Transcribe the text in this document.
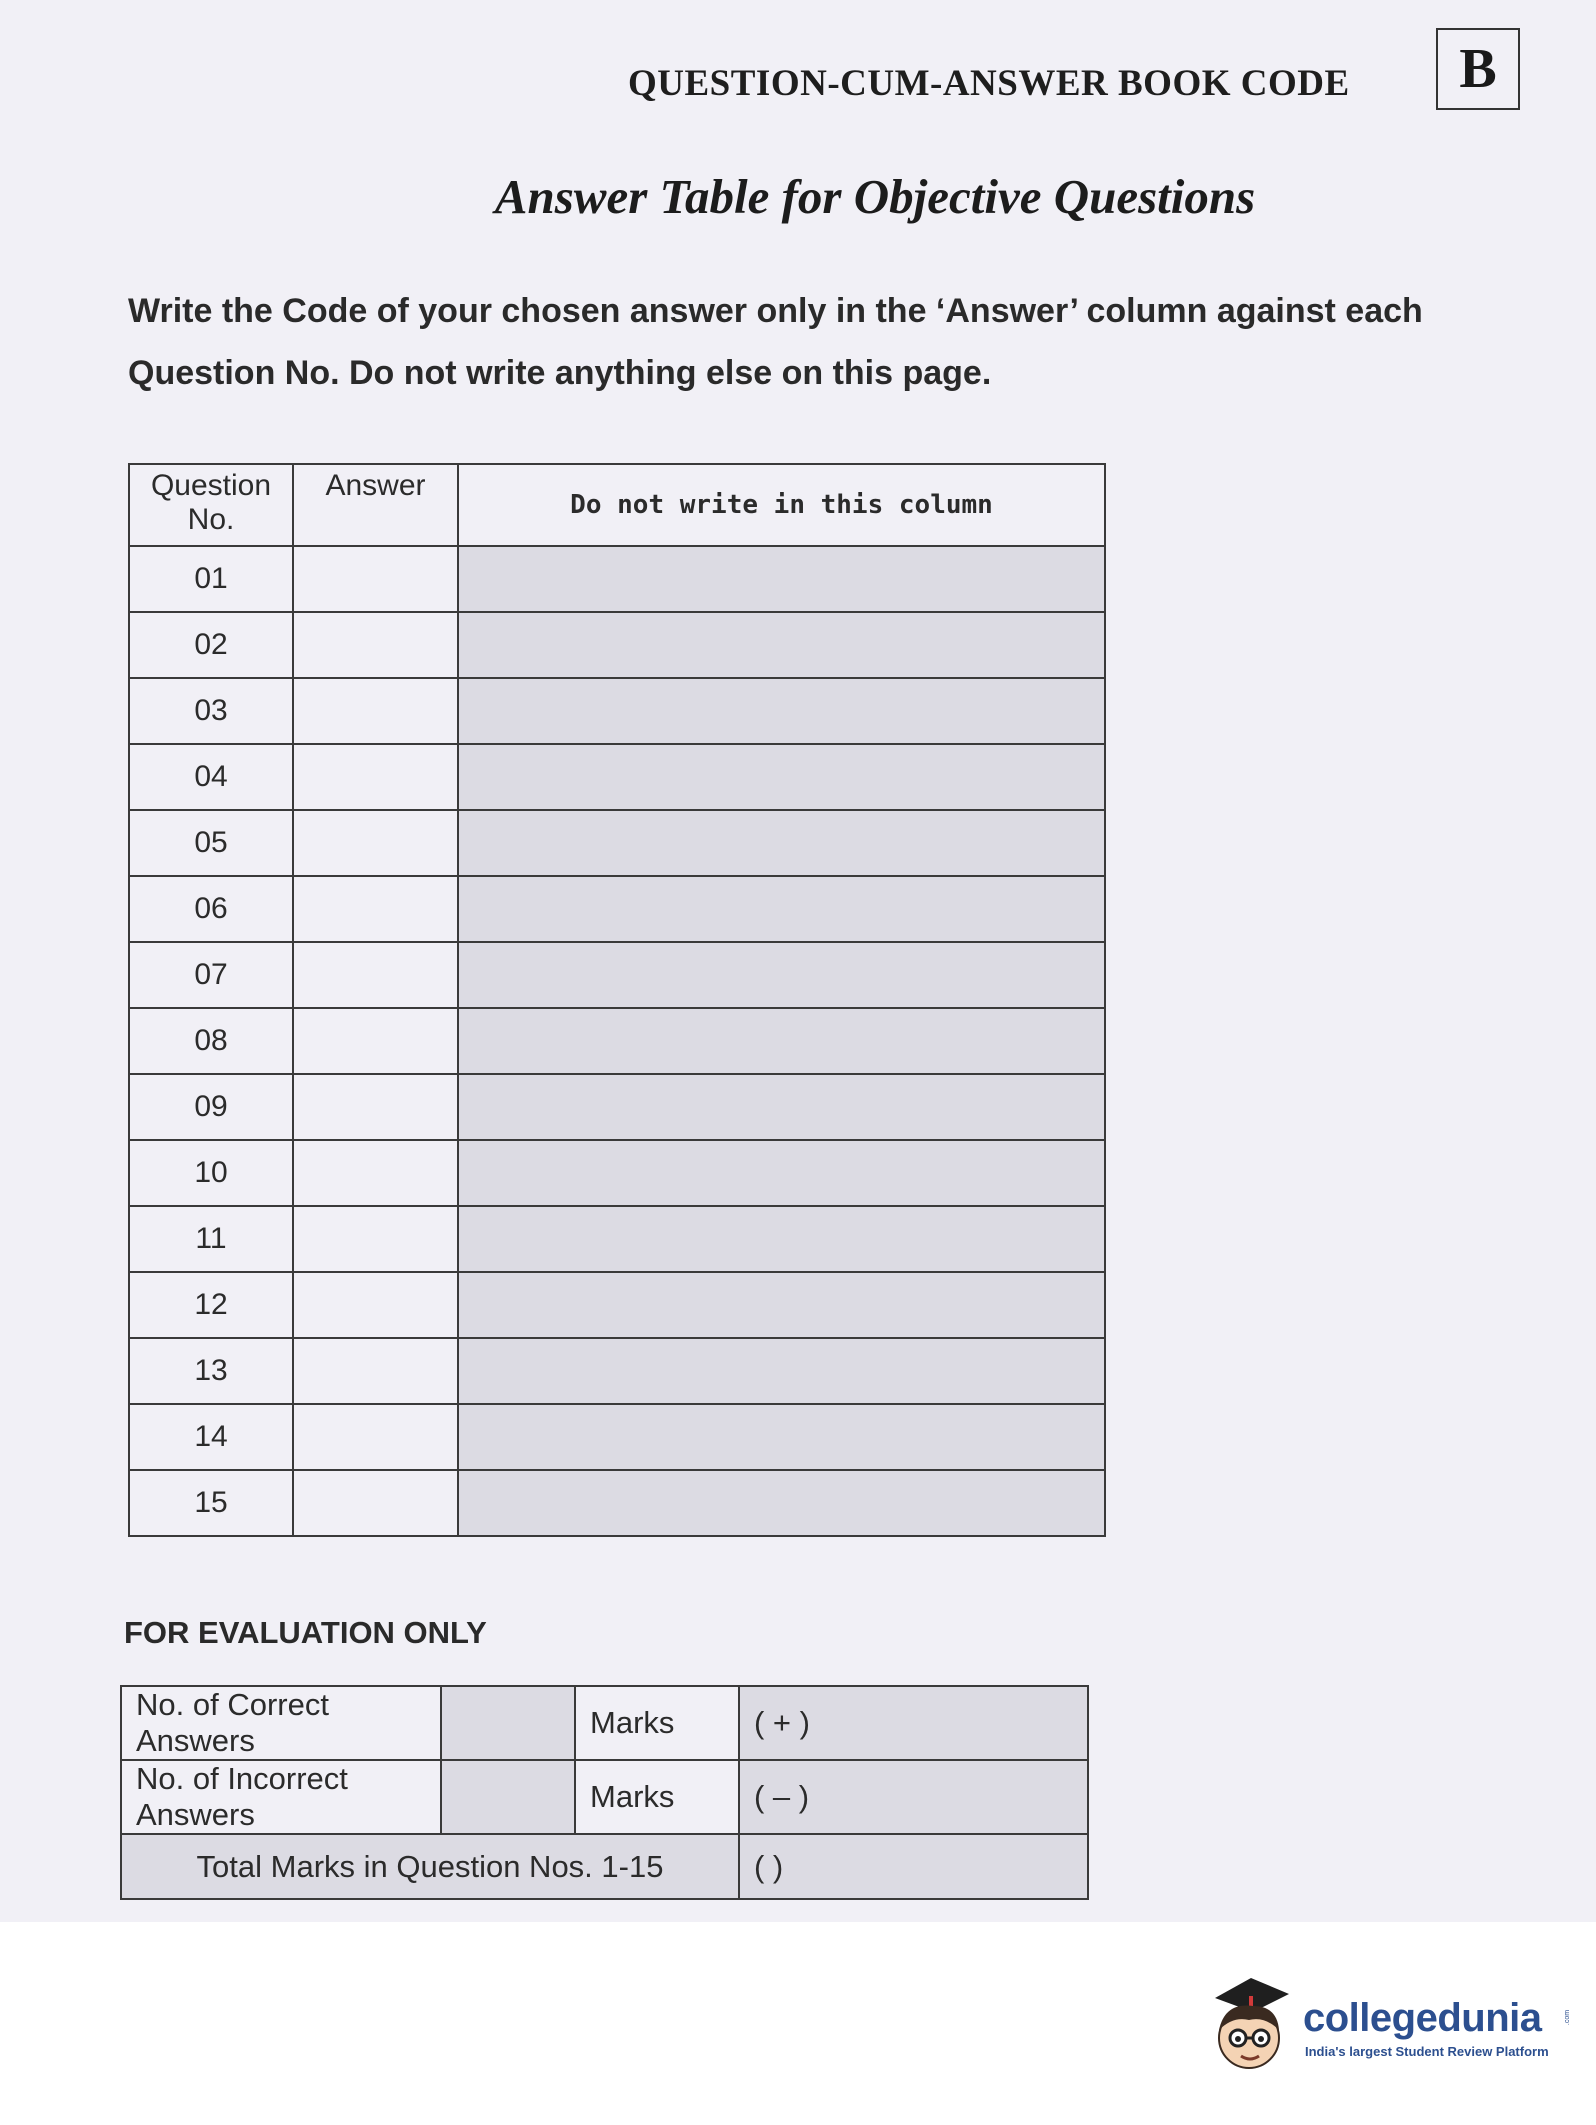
QUESTION-CUM-ANSWER BOOK CODE	B
Answer Table for Objective Questions
Write the Code of your chosen answer only in the ‘Answer’ column against each Question No. Do not write anything else on this page.
Question No.	Answer	Do not write in this column
01		
02		
03		
04		
05		
06		
07		
08		
09		
10		
11		
12		
13		
14		
15		
FOR EVALUATION ONLY
No. of Correct Answers		Marks	( + )
No. of Incorrect Answers		Marks	( – )
Total Marks in Question Nos. 1-15			( )
collegedunia	.com
India's largest Student Review Platform
